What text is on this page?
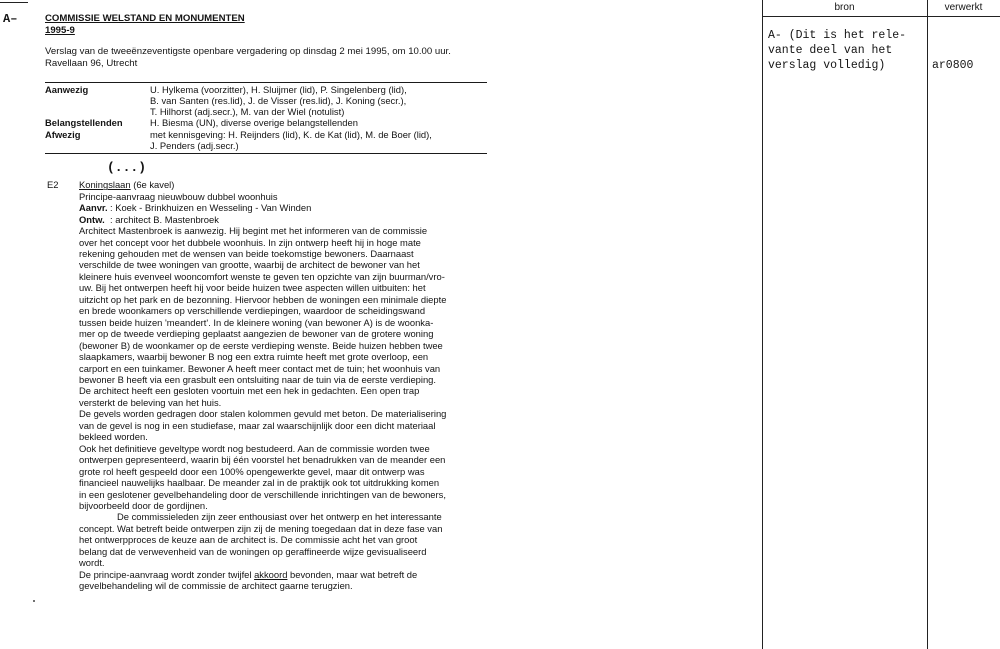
A–	COMMISSIE WELSTAND EN MONUMENTEN
1995-9
Verslag van de tweeënzeventigste openbare vergadering op dinsdag 2 mei 1995, om 10.00 uur.
Ravellaan 96, Utrecht
Aanwezig	U. Hylkema (voorzitter), H. Sluijmer (lid), P. Singelenberg (lid),
B. van Santen (res.lid), J. de Visser (res.lid), J. Koning (secr.),
T. Hilhorst (adj.secr.), M. van der Wiel (notulist)
Belangstellenden	H. Biesma (UN), diverse overige belangstellenden
Afwezig	met kennisgeving: H. Reijnders (lid), K. de Kat (lid), M. de Boer (lid),
J. Penders (adj.secr.)
(...)
E2 Koningslaan (6e kavel)
Principe-aanvraag nieuwbouw dubbel woonhuis
Aanvr. : Koek - Brinkhuizen en Wesseling - Van Winden
Ontw. : architect B. Mastenbroek
Architect Mastenbroek is aanwezig. Hij begint met het informeren van de commissie
over het concept voor het dubbele woonhuis. In zijn ontwerp heeft hij in hoge mate
rekening gehouden met de wensen van beide toekomstige bewoners. Daarnaast
verschilde de twee woningen van grootte, waarbij de architect de bewoner van het
kleinere huis evenveel wooncomfort wenste te geven ten opzichte van zijn buurman/vro-
uw. Bij het ontwerpen heeft hij voor beide huizen twee aspecten willen uitbuiten: het
uitzicht op het park en de bezonning. Hiervoor hebben de woningen een minimale diepte
en brede woonkamers op verschillende verdiepingen, waardoor de scheidingswand
tussen beide huizen 'meandert'. In de kleinere woning (van bewoner A) is de woonka-
mer op de tweede verdieping geplaatst aangezien de bewoner van de grotere woning
(bewoner B) de woonkamer op de eerste verdieping wenste. Beide huizen hebben twee
slaapkamers, waarbij bewoner B nog een extra ruimte heeft met grote overloop, een
carport en een tuinkamer. Bewoner A heeft meer contact met de tuin; het woonhuis van
bewoner B heeft via een grasbult een ontsluiting naar de tuin via de eerste verdieping.
De architect heeft een gesloten voortuin met een hek in gedachten. Een open trap
versterkt de beleving van het huis.
De gevels worden gedragen door stalen kolommen gevuld met beton. De materialisering
van de gevel is nog in een studiefase, maar zal waarschijnlijk door een dicht materiaal
bekleed worden.
Ook het definitieve geveltype wordt nog bestudeerd. Aan de commissie worden twee
ontwerpen gepresenteerd, waarin bij één voorstel het benadrukken van de meander een
grote rol heeft gespeeld door een 100% opengewerkte gevel, maar dit ontwerp was
financieel nauwelijks haalbaar. De meander zal in de praktijk ook tot uitdrukking komen
in een geslotener gevelbehandeling door de verschillende inrichtingen van de bewoners,
bijvoorbeeld door de gordijnen.
De commissieleden zijn zeer enthousiast over het ontwerp en het interessante
concept. Wat betreft beide ontwerpen zijn zij de mening toegedaan dat in deze fase van
het ontwerpproces de keuze aan de architect is. De commissie acht het van groot
belang dat de verwevenheid van de woningen op geraffineerde wijze gevisualiseerd
wordt.
De principe-aanvraag wordt zonder twijfel akkoord bevonden, maar wat betreft de
gevelbehandeling wil de commissie de architect gaarne terugzien.
bron	verwerkt
A- (Dit is het rele-
vante deel van het
verslag volledig)	ar0800
